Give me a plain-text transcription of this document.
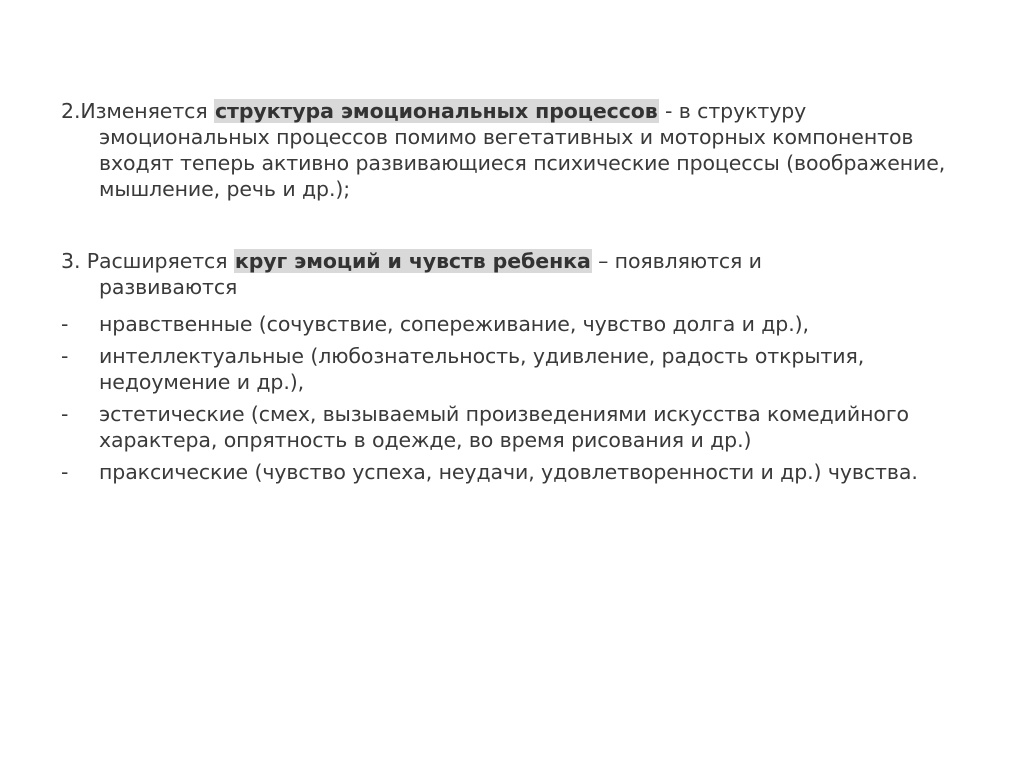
2.Изменяется структура эмоциональных процессов - в структуру
эмоциональных процессов помимо вегетативных и моторных компонентов входят теперь активно развивающиеся психические процессы (воображение, мышление, речь и др.);
3. Расширяется круг эмоций и чувств ребенка – появляются и
развиваются
- нравственные (сочувствие, сопереживание, чувство долга и др.),
- интеллектуальные (любознательность, удивление, радость открытия, недоумение и др.),
- эстетические (смех, вызываемый произведениями искусства комедийного характера, опрятность в одежде, во время рисования и др.)
- праксические (чувство успеха, неудачи, удовлетворенности и др.) чувства.
